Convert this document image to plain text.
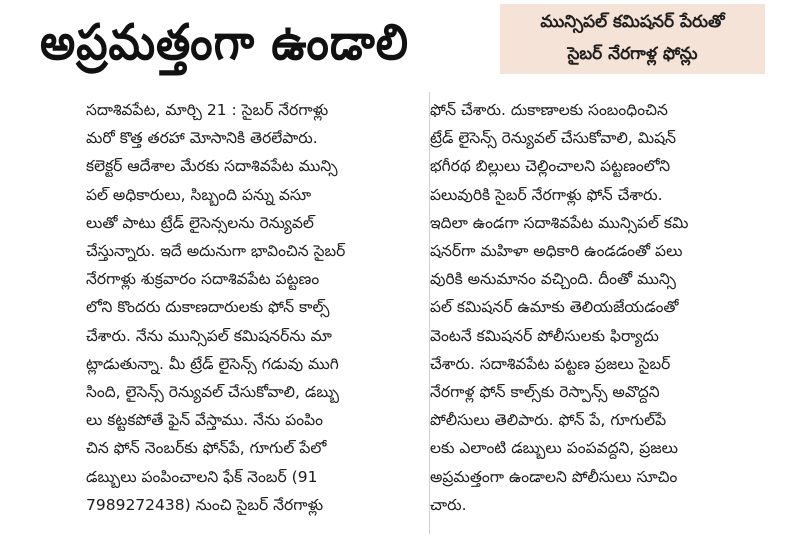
అప్రమత్తంగా ఉండాలి	మున్సిపల్ కమిషనర్ పేరుతో
సైబర్ నేరగాళ్ల ఫోన్లు
సదాశివపేట, మార్చి 21 : సైబర్ నేరగాళ్లు
మరో కొత్త తరహా మోసానికి తెరలేపారు.
కలెక్టర్ ఆదేశాల మేరకు సదాశివపేట మున్సి
పల్ అధికారులు, సిబ్బంది పన్ను వసూ
లుతో పాటు ట్రేడ్ లైసెన్సలను రెన్యువల్
చేస్తున్నారు. ఇదే అదునుగా భావించిన సైబర్
నేరగాళ్లు శుక్రవారం సదాశివపేట పట్టణం
లోని కొందరు దుకాణదారులకు ఫోన్ కాల్స్
చేశారు. నేను మున్సిపల్ కమిషనర్‌ను మా
ట్లాడుతున్నా. మీ ట్రేడ్ లైసెన్స్ గడువు ముగి
సింది, లైసెన్స్ రెన్యువల్ చేసుకోవాలి, డబ్బు
లు కట్టకపోతే ఫైన్ వేస్తాము. నేను పంపిం
చిన ఫోన్ నెంబర్‌కు ఫోన్‌పే, గూగుల్ పేలో
డబ్బులు పంపించాలని ఫేక్ నెంబర్ (91
7989272438) నుంచి సైబర్ నేరగాళ్లు
ఫోన్ చేశారు. దుకాణాలకు సంబంధించిన
ట్రేడ్ లైసెన్స్ రెన్యువల్ చేసుకోవాలి, మిషన్
భగీరథ బిల్లులు చెల్లించాలని పట్టణంలోని
పలువురికి సైబర్ నేరగాళ్లు ఫోన్ చేశారు.
ఇదిలా ఉండగా సదాశివపేట మున్సిపల్ కమి
షనర్‌గా మహిళా అధికారి ఉండడంతో పలు
వురికి అనుమానం వచ్చింది. దీంతో మున్సి
పల్ కమిషనర్ ఉమాకు తెలియజేయడంతో
వెంటనే కమిషనర్ పోలీసులకు ఫిర్యాదు
చేశారు. సదాశివపేట పట్టణ ప్రజలు సైబర్
నేరగాళ్ల ఫోన్ కాల్స్‌కు రెస్పాన్స్ అవొద్దని
పోలీసులు తెలిపారు. ఫోన్ పే, గూగుల్‌పే
లకు ఎలాంటి డబ్బులు పంపవద్దని, ప్రజలు
అప్రమత్తంగా ఉండాలని పోలీసులు సూచిం
చారు.
